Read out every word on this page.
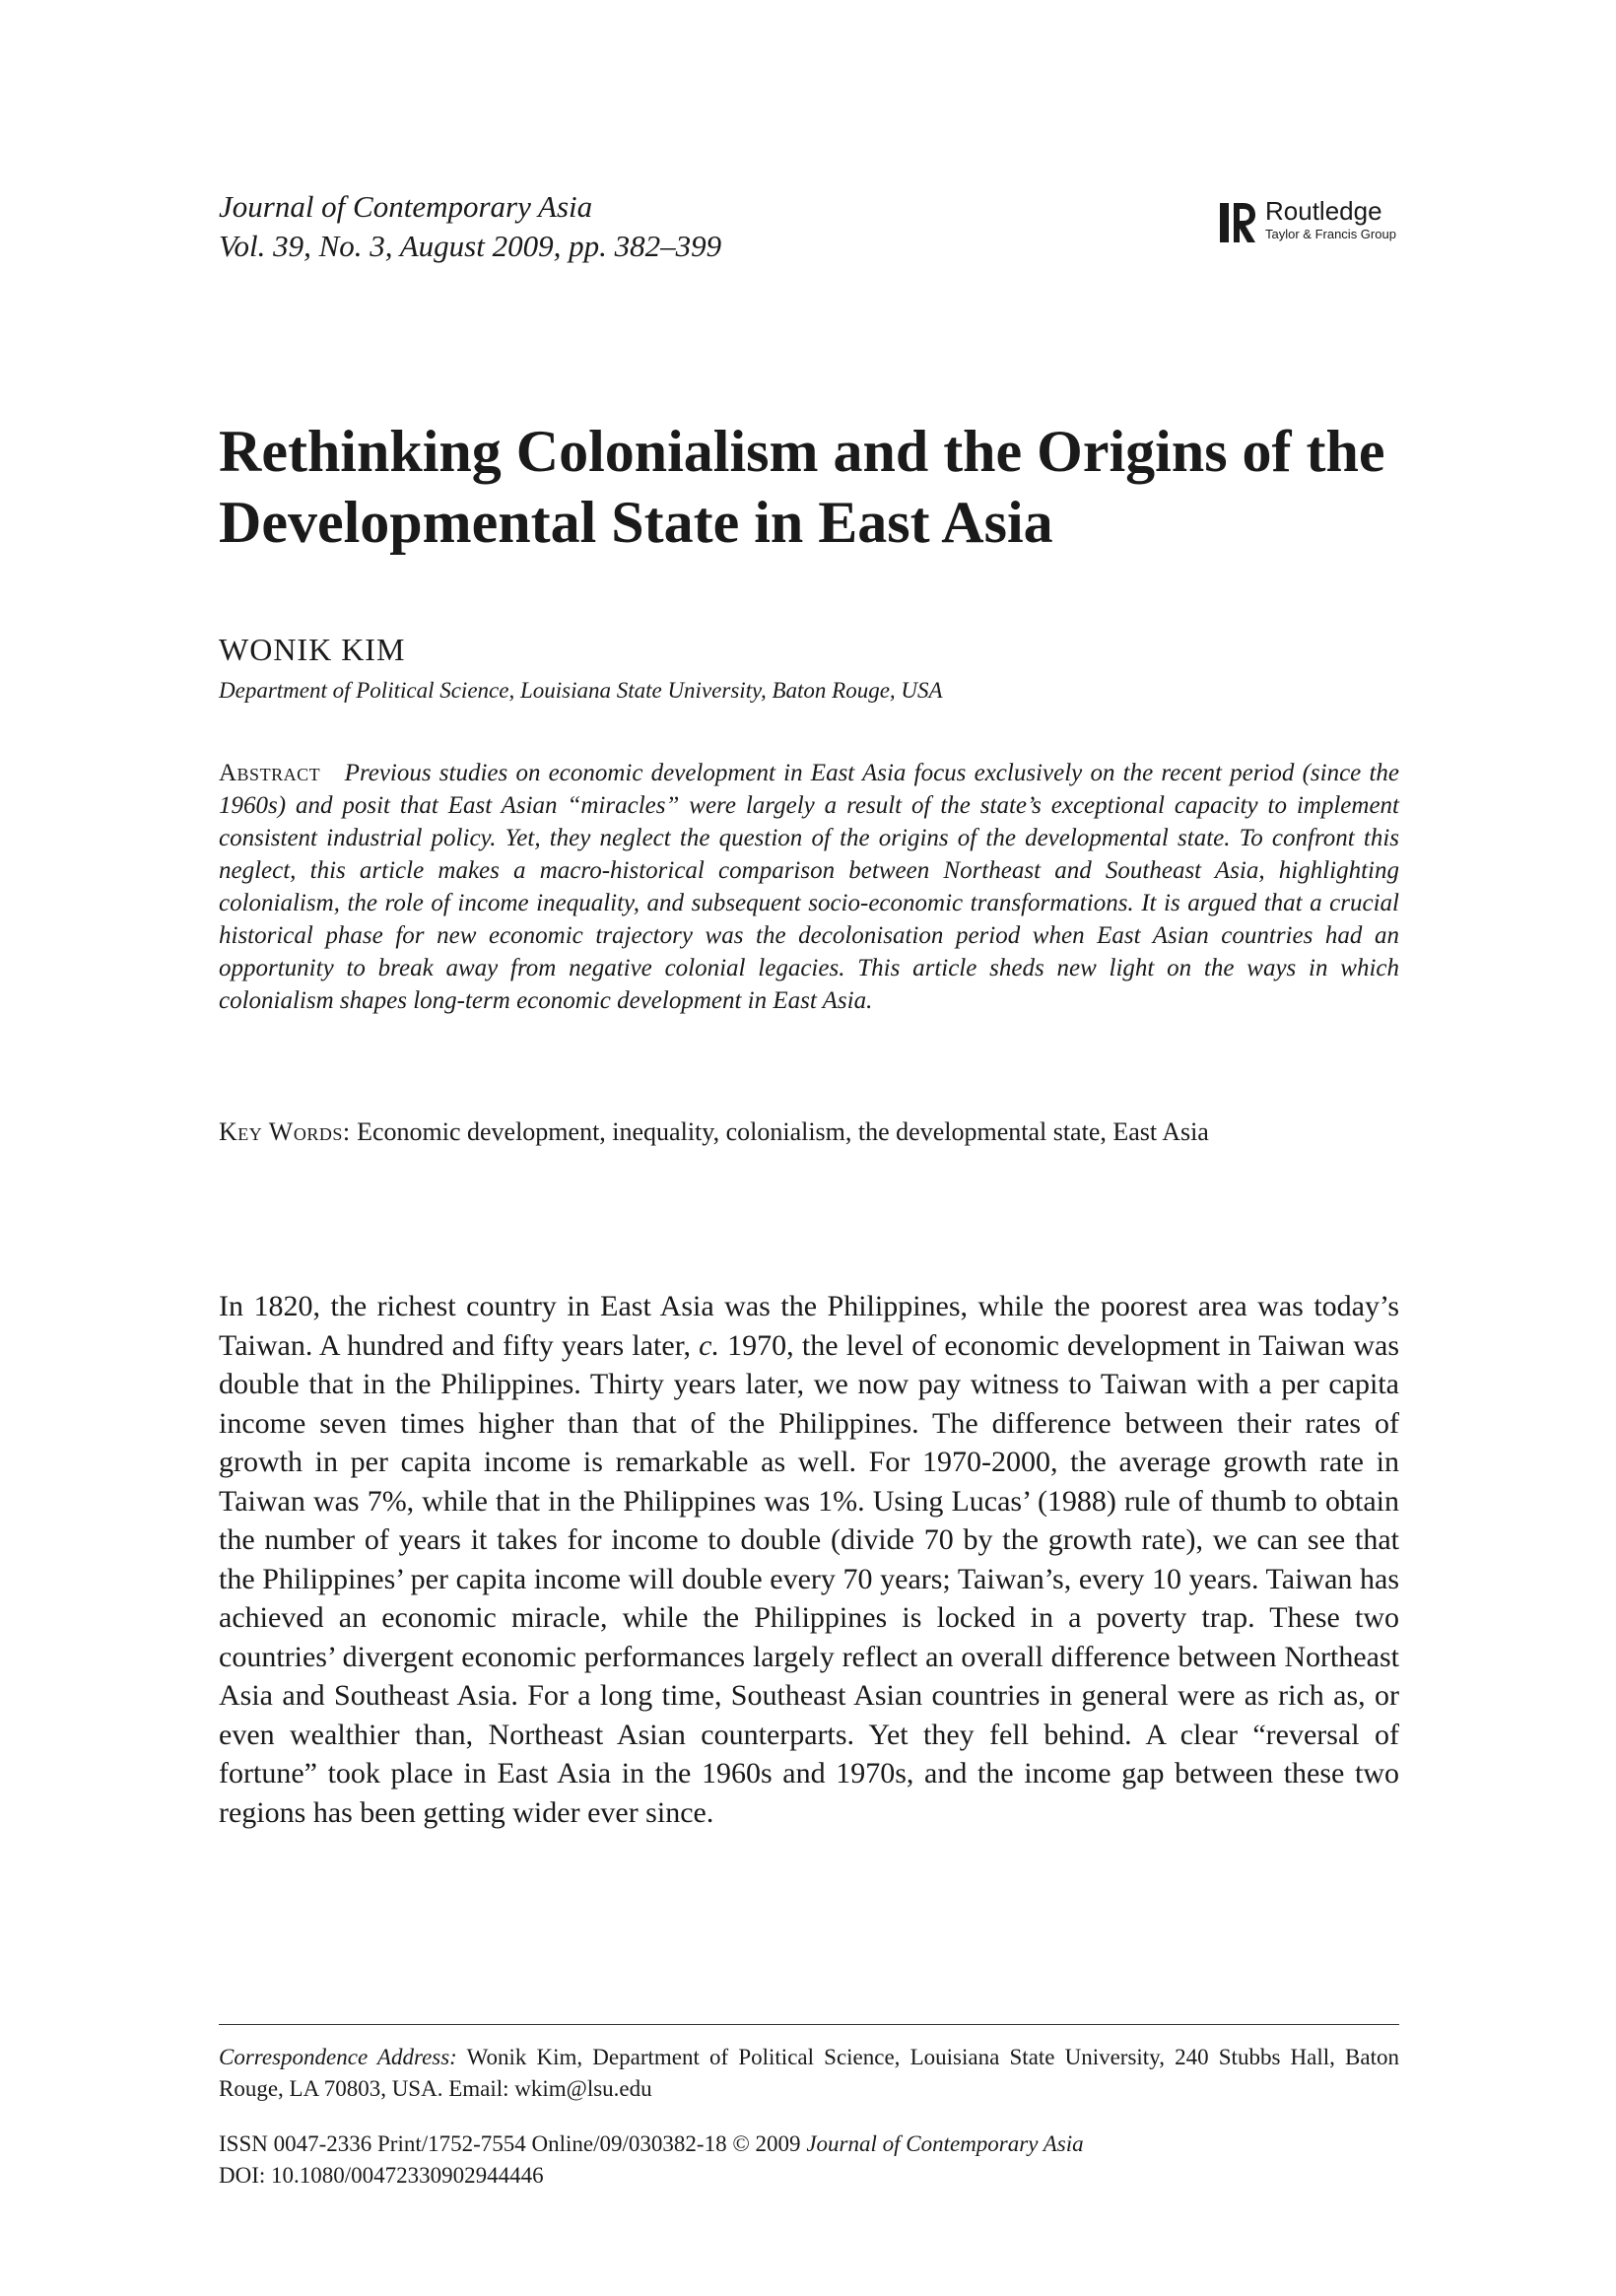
Journal of Contemporary Asia
Vol. 39, No. 3, August 2009, pp. 382–399
Routledge
Taylor & Francis Group
Rethinking Colonialism and the Origins of the Developmental State in East Asia
WONIK KIM
Department of Political Science, Louisiana State University, Baton Rouge, USA
Abstract Previous studies on economic development in East Asia focus exclusively on the recent period (since the 1960s) and posit that East Asian “miracles” were largely a result of the state’s exceptional capacity to implement consistent industrial policy. Yet, they neglect the question of the origins of the developmental state. To confront this neglect, this article makes a macro-historical comparison between Northeast and Southeast Asia, highlighting colonialism, the role of income inequality, and subsequent socio-economic transformations. It is argued that a crucial historical phase for new economic trajectory was the decolonisation period when East Asian countries had an opportunity to break away from negative colonial legacies. This article sheds new light on the ways in which colonialism shapes long-term economic development in East Asia.
Key Words: Economic development, inequality, colonialism, the developmental state, East Asia

In 1820, the richest country in East Asia was the Philippines, while the poorest area was today’s Taiwan. A hundred and fifty years later, c. 1970, the level of economic development in Taiwan was double that in the Philippines. Thirty years later, we now pay witness to Taiwan with a per capita income seven times higher than that of the Philippines. The difference between their rates of growth in per capita income is remarkable as well. For 1970-2000, the average growth rate in Taiwan was 7%, while that in the Philippines was 1%. Using Lucas’ (1988) rule of thumb to obtain the number of years it takes for income to double (divide 70 by the growth rate), we can see that the Philippines’ per capita income will double every 70 years; Taiwan’s, every 10 years. Taiwan has achieved an economic miracle, while the Philippines is locked in a poverty trap. These two countries’ divergent economic performances largely reflect an overall difference between Northeast Asia and Southeast Asia. For a long time, Southeast Asian countries in general were as rich as, or even wealthier than, Northeast Asian counterparts. Yet they fell behind. A clear “reversal of fortune” took place in East Asia in the 1960s and 1970s, and the income gap between these two regions has been getting wider ever since.

Correspondence Address: Wonik Kim, Department of Political Science, Louisiana State University, 240 Stubbs Hall, Baton Rouge, LA 70803, USA. Email: wkim@lsu.edu
ISSN 0047-2336 Print/1752-7554 Online/09/030382-18 © 2009 Journal of Contemporary Asia
DOI: 10.1080/00472330902944446
